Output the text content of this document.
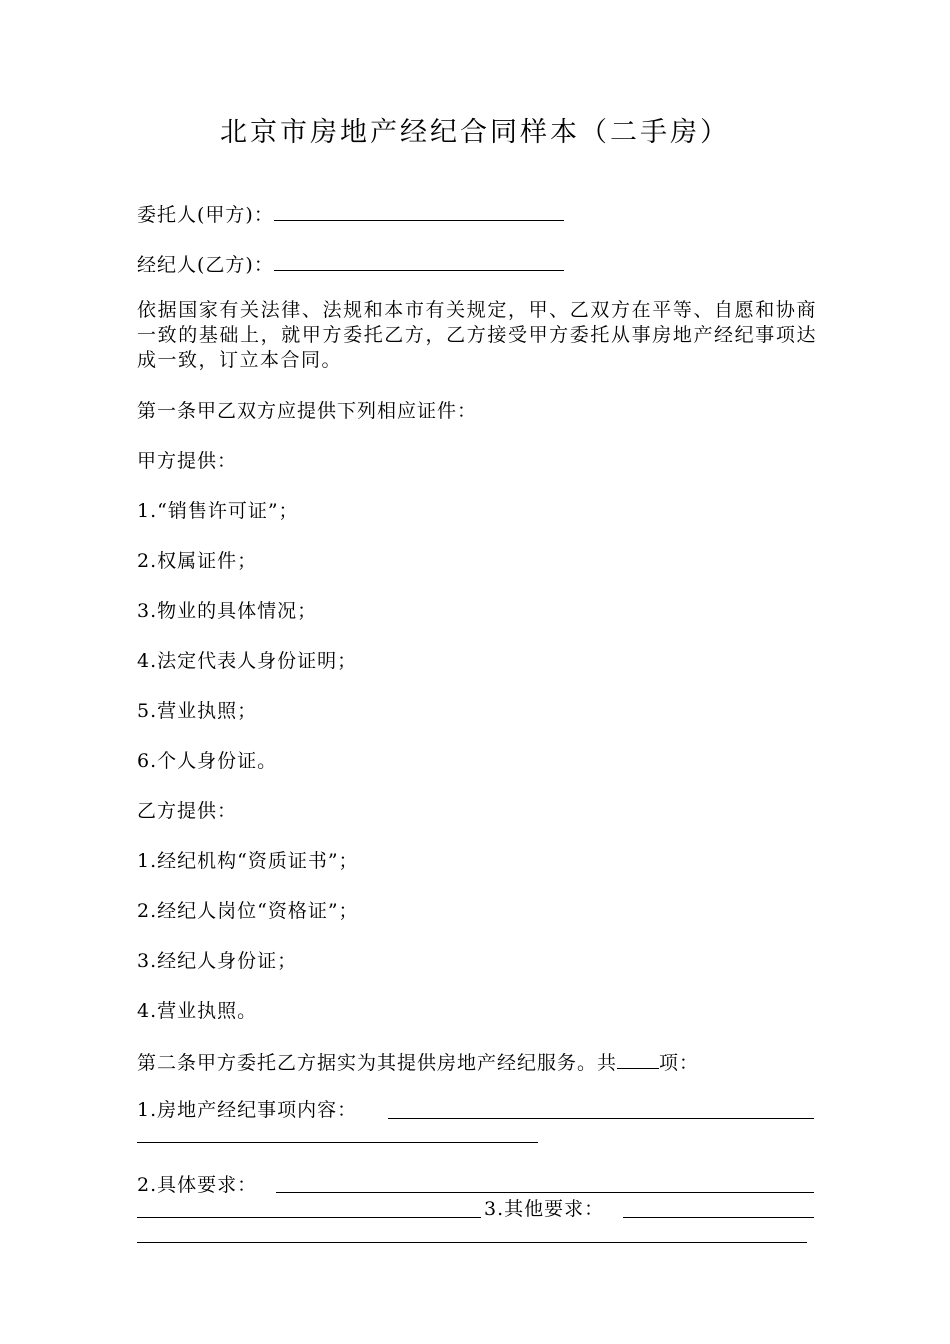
北京市房地产经纪合同样本（二手房）
委托人(甲方)：
经纪人(乙方)：
依据国家有关法律、法规和本市有关规定，甲、乙双方在平等、自愿和协商一致的基础上，就甲方委托乙方，乙方接受甲方委托从事房地产经纪事项达成一致，订立本合同。
第一条甲乙双方应提供下列相应证件：
甲方提供：
1.“销售许可证”；
2.权属证件；
3.物业的具体情况；
4.法定代表人身份证明；
5.营业执照；
6.个人身份证。
乙方提供：
1.经纪机构“资质证书”；
2.经纪人岗位“资格证”；
3.经纪人身份证；
4.营业执照。
第二条甲方委托乙方据实为其提供房地产经纪服务。共 项：
1.房地产经纪事项内容：
2.具体要求：
3.其他要求：
